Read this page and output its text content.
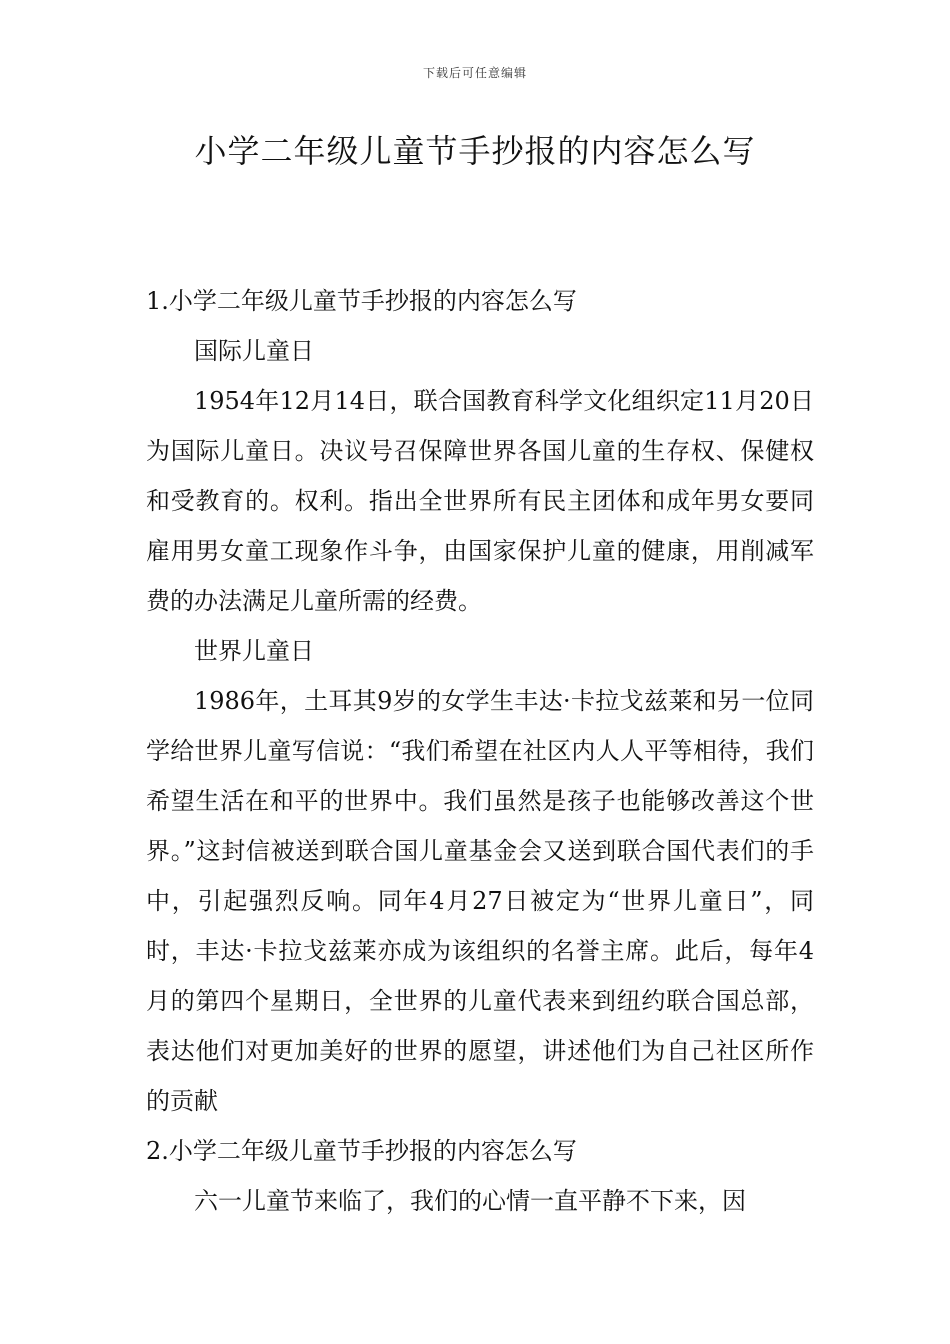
下载后可任意编辑
小学二年级儿童节手抄报的内容怎么写

1.小学二年级儿童节手抄报的内容怎么写

国际儿童日

1954年12月14日，联合国教育科学文化组织定11月20日为国际儿童日。决议号召保障世界各国儿童的生存权、保健权和受教育的。权利。指出全世界所有民主团体和成年男女要同雇用男女童工现象作斗争，由国家保护儿童的健康，用削减军费的办法满足儿童所需的经费。

世界儿童日

1986年，土耳其9岁的女学生丰达·卡拉戈兹莱和另一位同学给世界儿童写信说：“我们希望在社区内人人平等相待，我们希望生活在和平的世界中。我们虽然是孩子也能够改善这个世界。”这封信被送到联合国儿童基金会又送到联合国代表们的手中，引起强烈反响。同年4月27日被定为“世界儿童日”，同时，丰达·卡拉戈兹莱亦成为该组织的名誉主席。此后，每年4月的第四个星期日，全世界的儿童代表来到纽约联合国总部，表达他们对更加美好的世界的愿望，讲述他们为自己社区所作的贡献

2.小学二年级儿童节手抄报的内容怎么写

六一儿童节来临了，我们的心情一直平静不下来，因
